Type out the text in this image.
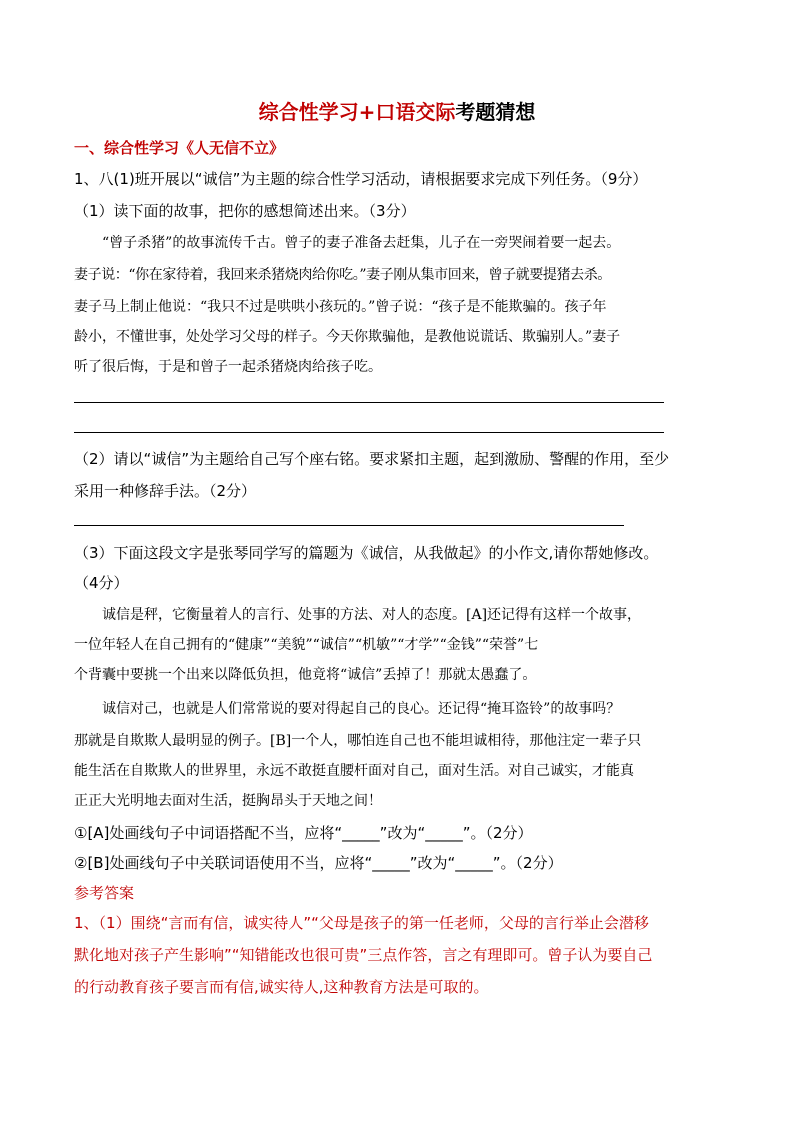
综合性学习+口语交际考题猜想
一、综合性学习《人无信不立》
1、八(1)班开展以“诚信”为主题的综合性学习活动，请根据要求完成下列任务。（9分）
（1）读下面的故事，把你的感想简述出来。（3分）
“曾子杀猪”的故事流传千古。曾子的妻子准备去赶集，儿子在一旁哭闹着要一起去。
妻子说：“你在家待着，我回来杀猪烧肉给你吃。”妻子刚从集市回来，曾子就要提猪去杀。
妻子马上制止他说：“我只不过是哄哄小孩玩的。”曾子说：“孩子是不能欺骗的。孩子年
龄小，不懂世事，处处学习父母的样子。今天你欺骗他，是教他说谎话、欺骗别人。”妻子
听了很后悔，于是和曾子一起杀猪烧肉给孩子吃。
（2）请以“诚信”为主题给自己写个座右铭。要求紧扣主题，起到激励、警醒的作用，至少
采用一种修辞手法。（2分）
（3）下面这段文字是张琴同学写的篇题为《诚信，从我做起》的小作文,请你帮她修改。
（4分）
诚信是秤，它衡量着人的言行、处事的方法、对人的态度。[A]还记得有这样一个故事，
一位年轻人在自己拥有的“健康”“美貌”“诚信”“机敏”“才学”“金钱”“荣誉”七
个背囊中要挑一个出来以降低负担，他竟将“诚信”丢掉了！那就太愚蠢了。
诚信对己，也就是人们常常说的要对得起自己的良心。还记得“掩耳盗铃”的故事吗？
那就是自欺欺人最明显的例子。[B]一个人，哪怕连自己也不能坦诚相待，那他注定一辈子只
能生活在自欺欺人的世界里，永远不敢挺直腰杆面对自己，面对生活。对自己诚实，才能真
正正大光明地去面对生活，挺胸昂头于天地之间！
①[A]处画线句子中词语搭配不当，应将“_____”改为“_____”。（2分）
②[B]处画线句子中关联词语使用不当，应将“_____”改为“_____”。（2分）
参考答案
1、（1）围绕“言而有信，诚实待人”“父母是孩子的第一任老师，父母的言行举止会潜移
默化地对孩子产生影响”“知错能改也很可贵”三点作答，言之有理即可。曾子认为要自己
的行动教育孩子要言而有信,诚实待人,这种教育方法是可取的。
